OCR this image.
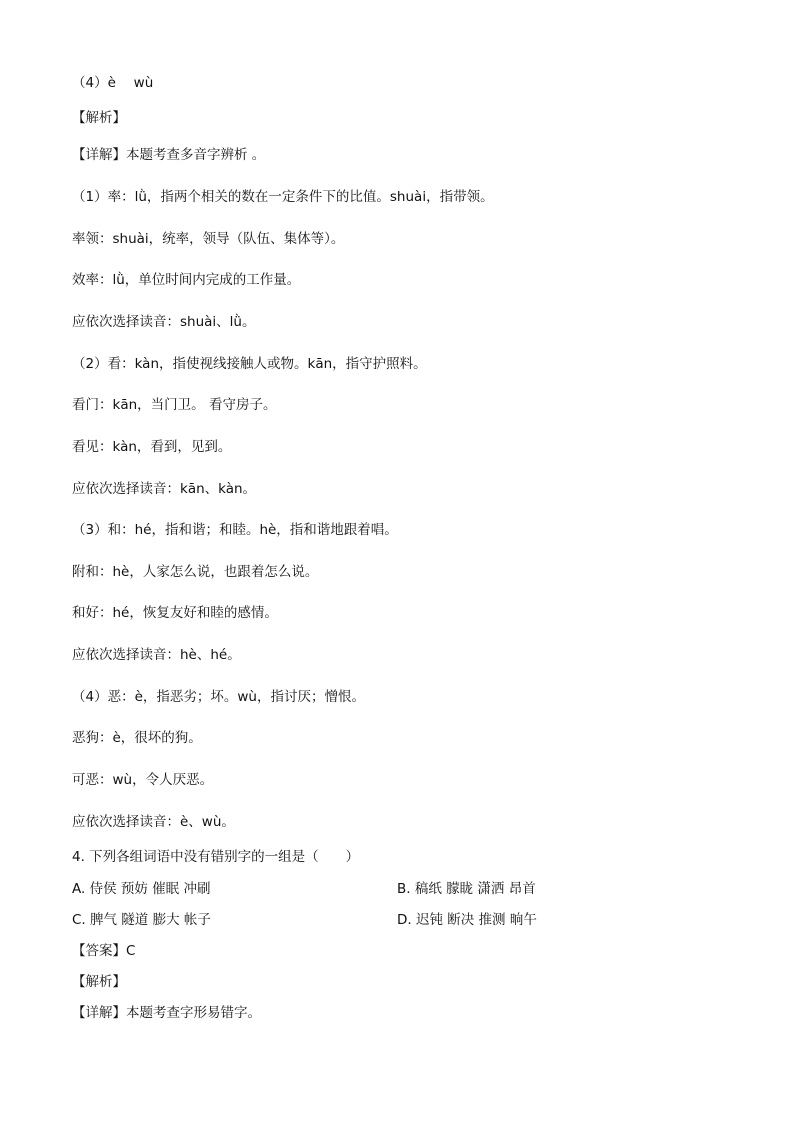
（4）è　 wù
【解析】
【详解】本题考查多音字辨析 。
（1）率：lǜ，指两个相关的数在一定条件下的比值。shuài，指带领。
率领：shuài，统率，领导（队伍、集体等）。
效率：lǜ，单位时间内完成的工作量。
应依次选择读音：shuài、lǜ。
（2）看：kàn，指使视线接触人或物。kān，指守护照料。
看门：kān，当门卫。 看守房子。
看见：kàn，看到，见到。
应依次选择读音：kān、kàn。
（3）和：hé，指和谐；和睦。hè，指和谐地跟着唱。
附和：hè，人家怎么说，也跟着怎么说。
和好：hé，恢复友好和睦的感情。
应依次选择读音：hè、hé。
（4）恶：è，指恶劣；坏。wù，指讨厌；憎恨。
恶狗：è，很坏的狗。
可恶：wù，令人厌恶。
应依次选择读音：è、wù。
4. 下列各组词语中没有错别字的一组是（　　）
A. 侍侯 预妨 催眠 冲刷	B. 稿纸 朦眬 潇洒 昂首
C. 脾气 隧道 膨大 帐子	D. 迟钝 断决 推测 晌午
【答案】C
【解析】
【详解】本题考查字形易错字。
